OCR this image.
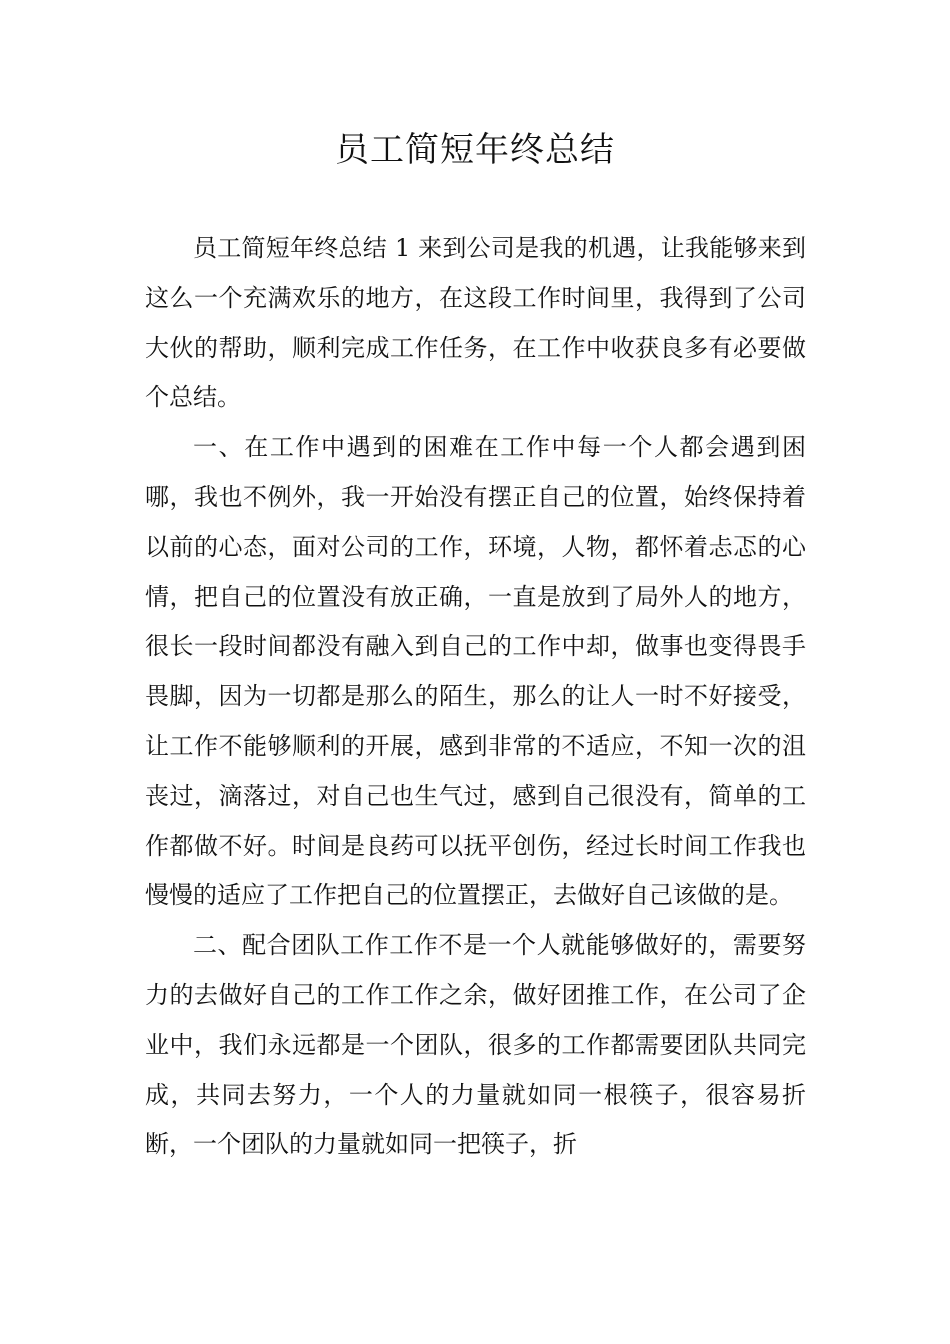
员工简短年终总结

员工简短年终总结 1 来到公司是我的机遇，让我能够来到这么一个充满欢乐的地方，在这段工作时间里，我得到了公司大伙的帮助，顺利完成工作任务，在工作中收获良多有必要做个总结。

一、在工作中遇到的困难在工作中每一个人都会遇到困哪，我也不例外，我一开始没有摆正自己的位置，始终保持着以前的心态，面对公司的工作，环境，人物，都怀着忐忑的心情，把自己的位置没有放正确，一直是放到了局外人的地方，很长一段时间都没有融入到自己的工作中却，做事也变得畏手畏脚，因为一切都是那么的陌生，那么的让人一时不好接受，让工作不能够顺利的开展，感到非常的不适应，不知一次的沮丧过，滴落过，对自己也生气过，感到自己很没有，简单的工作都做不好。时间是良药可以抚平创伤，经过长时间工作我也慢慢的适应了工作把自己的位置摆正，去做好自己该做的是。

二、配合团队工作工作不是一个人就能够做好的，需要努力的去做好自己的工作工作之余，做好团推工作，在公司了企业中，我们永远都是一个团队，很多的工作都需要团队共同完成，共同去努力，一个人的力量就如同一根筷子，很容易折断，一个团队的力量就如同一把筷子，折
